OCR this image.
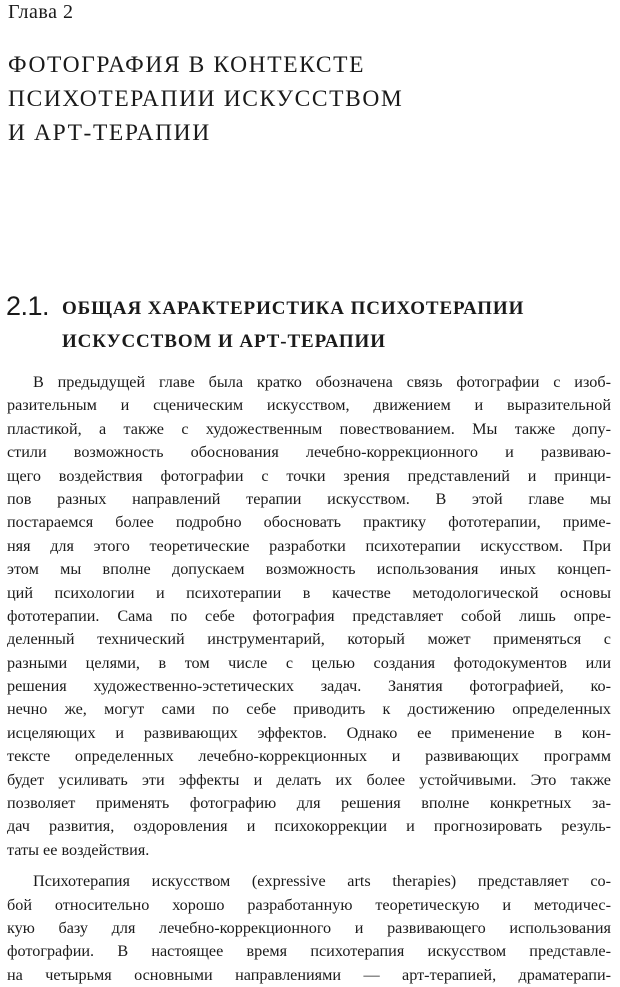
Глава 2
ФОТОГРАФИЯ В КОНТЕКСТЕ
ПСИХОТЕРАПИИ ИСКУССТВОМ
И АРТ-ТЕРАПИИ
2.1. ОБЩАЯ ХАРАКТЕРИСТИКА ПСИХОТЕРАПИИ
ИСКУССТВОМ И АРТ-ТЕРАПИИ

В предыдущей главе была кратко обозначена связь фотографии с изоб-
разительным и сценическим искусством, движением и выразительной
пластикой, а также с художественным повествованием. Мы также допу-
стили возможность обоснования лечебно-коррекционного и развиваю-
щего воздействия фотографии с точки зрения представлений и принци-
пов разных направлений терапии искусством. В этой главе мы
постараемся более подробно обосновать практику фототерапии, приме-
няя для этого теоретические разработки психотерапии искусством. При
этом мы вполне допускаем возможность использования иных концеп-
ций психологии и психотерапии в качестве методологической основы
фототерапии. Сама по себе фотография представляет собой лишь опре-
деленный технический инструментарий, который может применяться с
разными целями, в том числе с целью создания фотодокументов или
решения художественно-эстетических задач. Занятия фотографией, ко-
нечно же, могут сами по себе приводить к достижению определенных
исцеляющих и развивающих эффектов. Однако ее применение в кон-
тексте определенных лечебно-коррекционных и развивающих программ
будет усиливать эти эффекты и делать их более устойчивыми. Это также
позволяет применять фотографию для решения вполне конкретных за-
дач развития, оздоровления и психокоррекции и прогнозировать резуль-
таты ее воздействия.

Психотерапия искусством (expressive arts therapies) представляет со-
бой относительно хорошо разработанную теоретическую и методичес-
кую базу для лечебно-коррекционного и развивающего использования
фотографии. В настоящее время психотерапия искусством представле-
на четырьмя основными направлениями — арт-терапией, драматерапи-
